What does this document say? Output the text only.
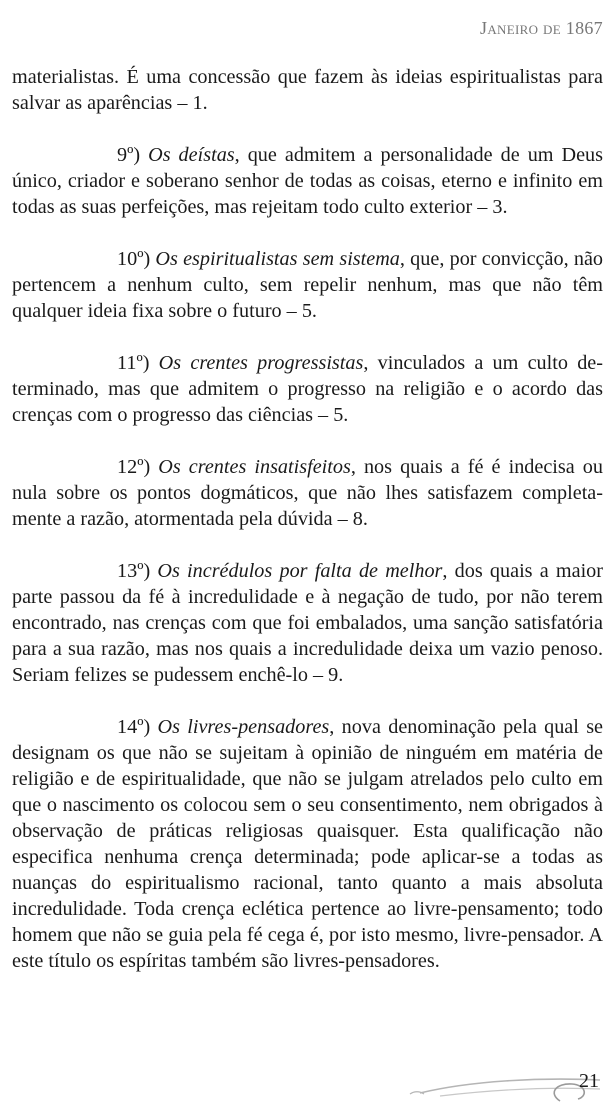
Janeiro de 1867

materialistas. É uma concessão que fazem às ideias espiritualistas para salvar as aparências – 1.

9º) Os deístas, que admitem a personalidade de um Deus único, criador e soberano senhor de todas as coisas, eterno e infinito em todas as suas perfeições, mas rejeitam todo culto exterior – 3.

10º) Os espiritualistas sem sistema, que, por convicção, não pertencem a nenhum culto, sem repelir nenhum, mas que não têm qualquer ideia fixa sobre o futuro – 5.

11º) Os crentes progressistas, vinculados a um culto determinado, mas que admitem o progresso na religião e o acordo das crenças com o progresso das ciências – 5.

12º) Os crentes insatisfeitos, nos quais a fé é indecisa ou nula sobre os pontos dogmáticos, que não lhes satisfazem completamente a razão, atormentada pela dúvida – 8.

13º) Os incrédulos por falta de melhor, dos quais a maior parte passou da fé à incredulidade e à negação de tudo, por não terem encontrado, nas crenças com que foi embalados, uma sanção satisfatória para a sua razão, mas nos quais a incredulidade deixa um vazio penoso. Seriam felizes se pudessem enchê-lo – 9.

14º) Os livres-pensadores, nova denominação pela qual se designam os que não se sujeitam à opinião de ninguém em matéria de religião e de espiritualidade, que não se julgam atrelados pelo culto em que o nascimento os colocou sem o seu consentimento, nem obrigados à observação de práticas religiosas quaisquer. Esta qualificação não especifica nenhuma crença determinada; pode aplicar-se a todas as nuanças do espiritualismo racional, tanto quanto a mais absoluta incredulidade. Toda crença eclética pertence ao livre-pensamento; todo homem que não se guia pela fé cega é, por isto mesmo, livre-pensador. A este título os espíritas também são livres-pensadores.

21
